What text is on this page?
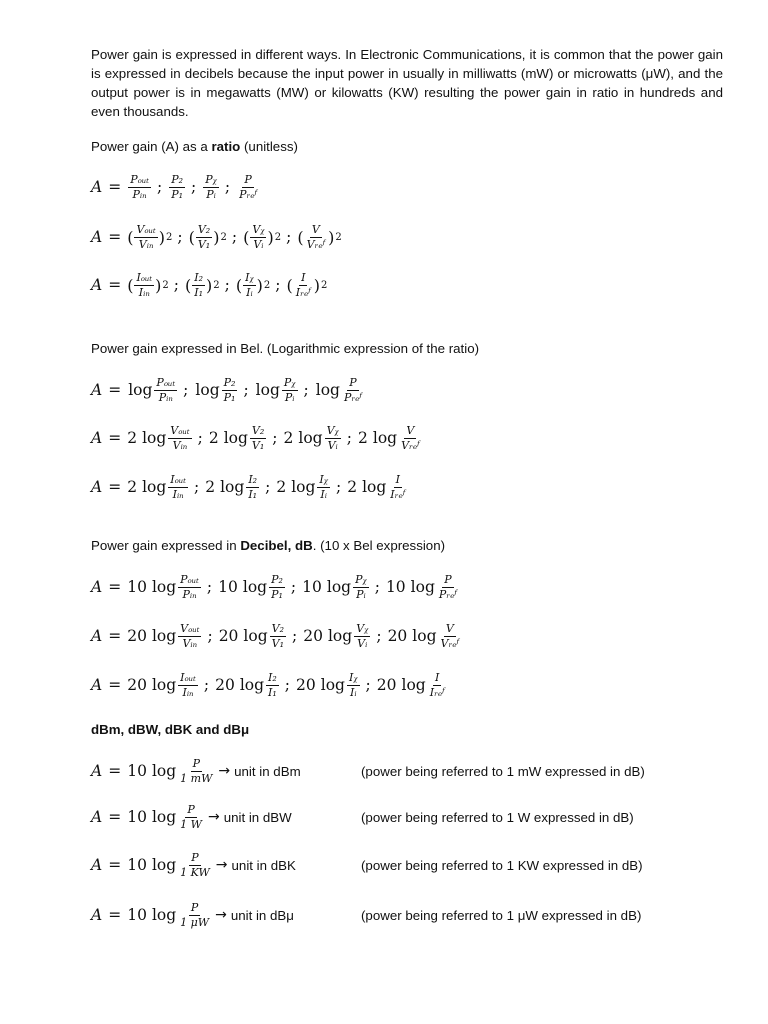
Power gain is expressed in different ways. In Electronic Communications, it is common that the power gain is expressed in decibels because the input power in usually in milliwatts (mW) or microwatts (μW), and the output power is in megawatts (MW) or kilowatts (KW) resulting the power gain in ratio in hundreds and even thousands.

Power gain (A) as a ratio (unitless)

$A = \frac{\text{Pₒᵤₜ}}{\text{Pᵢₙ}}$ ; $\frac{\text{P₂}}{\text{P₁}}$ ; $\frac{\text{Pᵪ}}{\text{Pᵢ}}$ ; $\frac{P}{\text{Pᵣₑᶠ}}$
A = ( $\frac{\text{Vₒᵤₜ}}{\text{Vᵢₙ}}$ ) 2 ; ( $\frac{\text{V₂}}{\text{V₁}}$ ) 2 ; ( $\frac{\text{Vᵪ}}{\text{Vᵢ}}$ ) 2 ; ( $\frac{V}{\text{Vᵣₑᶠ}}$ ) 2
A = ( $\frac{\text{Iₒᵤₜ}}{\text{Iᵢₙ}}$ ) 2 ; ( $\frac{\text{I₂}}{\text{I₁}}$ ) 2 ; ( $\frac{\text{Iᵪ}}{\text{Iᵢ}}$ ) 2 ; ( $\frac{I}{\text{Iᵣₑᶠ}}$ ) 2

Power gain expressed in Bel. (Logarithmic expression of the ratio)

$A = \log \frac{\text{Pₒᵤₜ}}{\text{Pᵢₙ}}$ ; $\log \frac{\text{P₂}}{\text{P₁}}$ ; $\log \frac{\text{Pᵪ}}{\text{Pᵢ}}$ ; $\log \frac{P}{\text{Pᵣₑᶠ}}$
A = 2 $\log \frac{\text{Vₒᵤₜ}}{\text{Vᵢₙ}}$ ; 2 $\log \frac{\text{V₂}}{\text{V₁}}$ ; 2 $\log \frac{\text{Vᵪ}}{\text{Vᵢ}}$ ; 2 $\log \frac{V}{\text{Vᵣₑᶠ}}$
A = 2 $\log \frac{\text{Iₒᵤₜ}}{\text{Iᵢₙ}}$ ; 2 $\log \frac{\text{I₂}}{\text{I₁}}$ ; 2 $\log \frac{\text{Iᵪ}}{\text{Iᵢ}}$ ; 2 $\log \frac{I}{\text{Iᵣₑᶠ}}$

Power gain expressed in Decibel, dB. (10 x Bel expression)

A = 10 $\log \frac{\text{Pₒᵤₜ}}{\text{Pᵢₙ}}$ ; 10 $\log \frac{\text{P₂}}{\text{P₁}}$ ; 10 $\log \frac{\text{Pᵪ}}{\text{Pᵢ}}$ ; 10 $\log \frac{P}{\text{Pᵣₑᶠ}}$
A = 20 $\log \frac{\text{Vₒᵤₜ}}{\text{Vᵢₙ}}$ ; 20 $\log \frac{\text{V₂}}{\text{V₁}}$ ; 20 $\log \frac{\text{Vᵪ}}{\text{Vᵢ}}$ ; 20 $\log \frac{V}{\text{Vᵣₑᶠ}}$
A = 20 $\log \frac{\text{Iₒᵤₜ}}{\text{Iᵢₙ}}$ ; 20 $\log \frac{\text{I₂}}{\text{I₁}}$ ; 20 $\log \frac{\text{Iᵪ}}{\text{Iᵢ}}$ ; 20 $\log \frac{I}{\text{Iᵣₑᶠ}}$

dBm, dBW, dBK and dBμ

A = 10 $\log \frac{P}{1 mW}$ → unit in dBm	(power being referred to 1 mW expressed in dB)
A = 10 $\log \frac{P}{1 W}$ → unit in dBW	(power being referred to 1 W expressed in dB)
A = 10 $\log \frac{P}{1 KW}$ → unit in dBK	(power being referred to 1 KW expressed in dB)
A = 10 $\log \frac{P}{1 \mu W}$ → unit in dBμ	(power being referred to 1 μW expressed in dB)
